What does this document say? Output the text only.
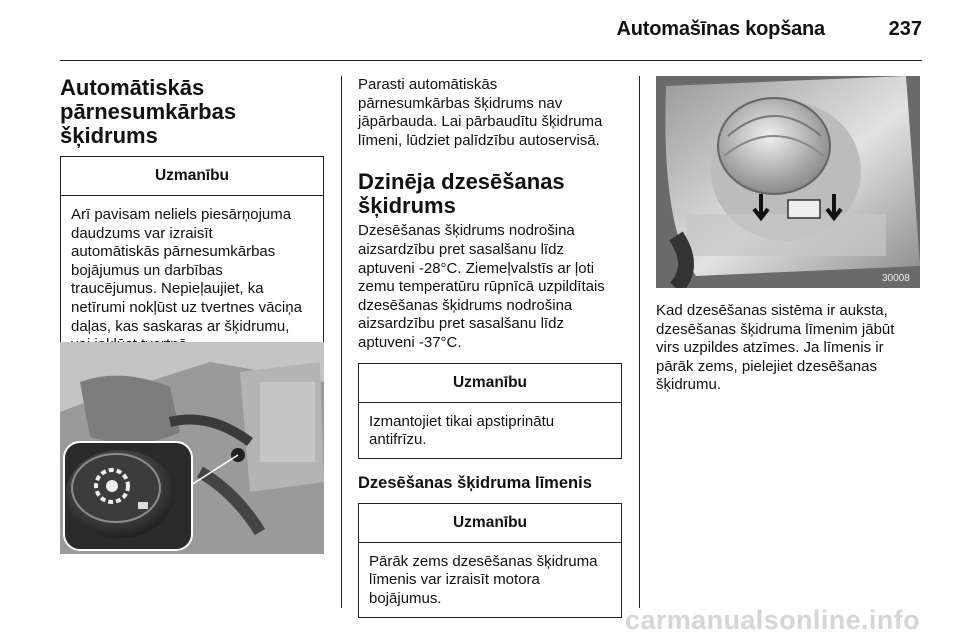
Automašīnas kopšana	237
Automātiskās
pārnesumkārbas šķidrums
Uzmanību
Arī pavisam neliels piesārņojuma
daudzums var izraisīt
automātiskās pārnesumkārbas
bojājumus un darbības
traucējumus. Nepieļaujiet, ka
netīrumi nokļūst uz tvertnes vāciņa
daļas, kas saskaras ar šķidrumu,
Parasti automātiskās
pārnesumkārbas šķidrums nav
jāpārbauda. Lai pārbaudītu šķidruma
līmeni, lūdziet palīdzību autoservisā.
Dzinēja dzesēšanas
šķidrums
Dzesēšanas šķidrums nodrošina
aizsardzību pret sasalšanu līdz
aptuveni -28°C. Ziemeļvalstīs ar ļoti
zemu temperatūru rūpnīcā uzpildītais
dzesēšanas šķidrums nodrošina
aizsardzību pret sasalšanu līdz
aptuveni -37°C.
Uzmanību
Izmantojiet tikai apstiprinātu
antifrīzu.
Dzesēšanas šķidruma līmenis
Uzmanību
Pārāk zems dzesēšanas šķidruma
līmenis var izraisīt motora
bojājumus.
30008
Kad dzesēšanas sistēma ir auksta,
dzesēšanas šķidruma līmenim jābūt
virs uzpildes atzīmes. Ja līmenis ir
pārāk zems, pielejiet dzesēšanas
šķidrumu.
carmanualsonline.info
